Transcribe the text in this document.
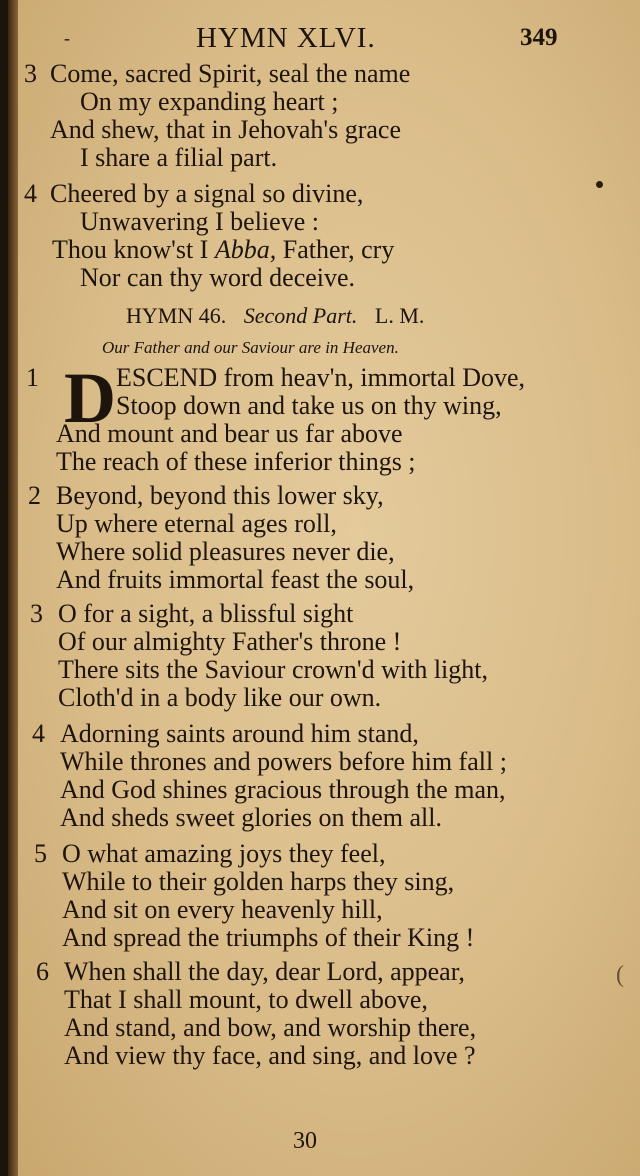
-	HYMN XLVI.	349
3 Come, sacred Spirit, seal the name
On my expanding heart ;
And shew, that in Jehovah's grace
I share a filial part.
4 Cheered by a signal so divine,
Unwavering I believe :
Thou know'st I Abba, Father, cry
Nor can thy word deceive.
HYMN 46. Second Part. L. M.
Our Father and our Saviour are in Heaven.
1 D ESCEND from heav'n, immortal Dove,
Stoop down and take us on thy wing,
And mount and bear us far above
The reach of these inferior things ;
2 Beyond, beyond this lower sky,
Up where eternal ages roll,
Where solid pleasures never die,
And fruits immortal feast the soul,
3 O for a sight, a blissful sight
Of our almighty Father's throne !
There sits the Saviour crown'd with light,
Cloth'd in a body like our own.
4 Adorning saints around him stand,
While thrones and powers before him fall ;
And God shines gracious through the man,
And sheds sweet glories on them all.
5 O what amazing joys they feel,
While to their golden harps they sing,
And sit on every heavenly hill,
And spread the triumphs of their King !
6 When shall the day, dear Lord, appear,
That I shall mount, to dwell above,
And stand, and bow, and worship there,
And view thy face, and sing, and love ?
(
30
